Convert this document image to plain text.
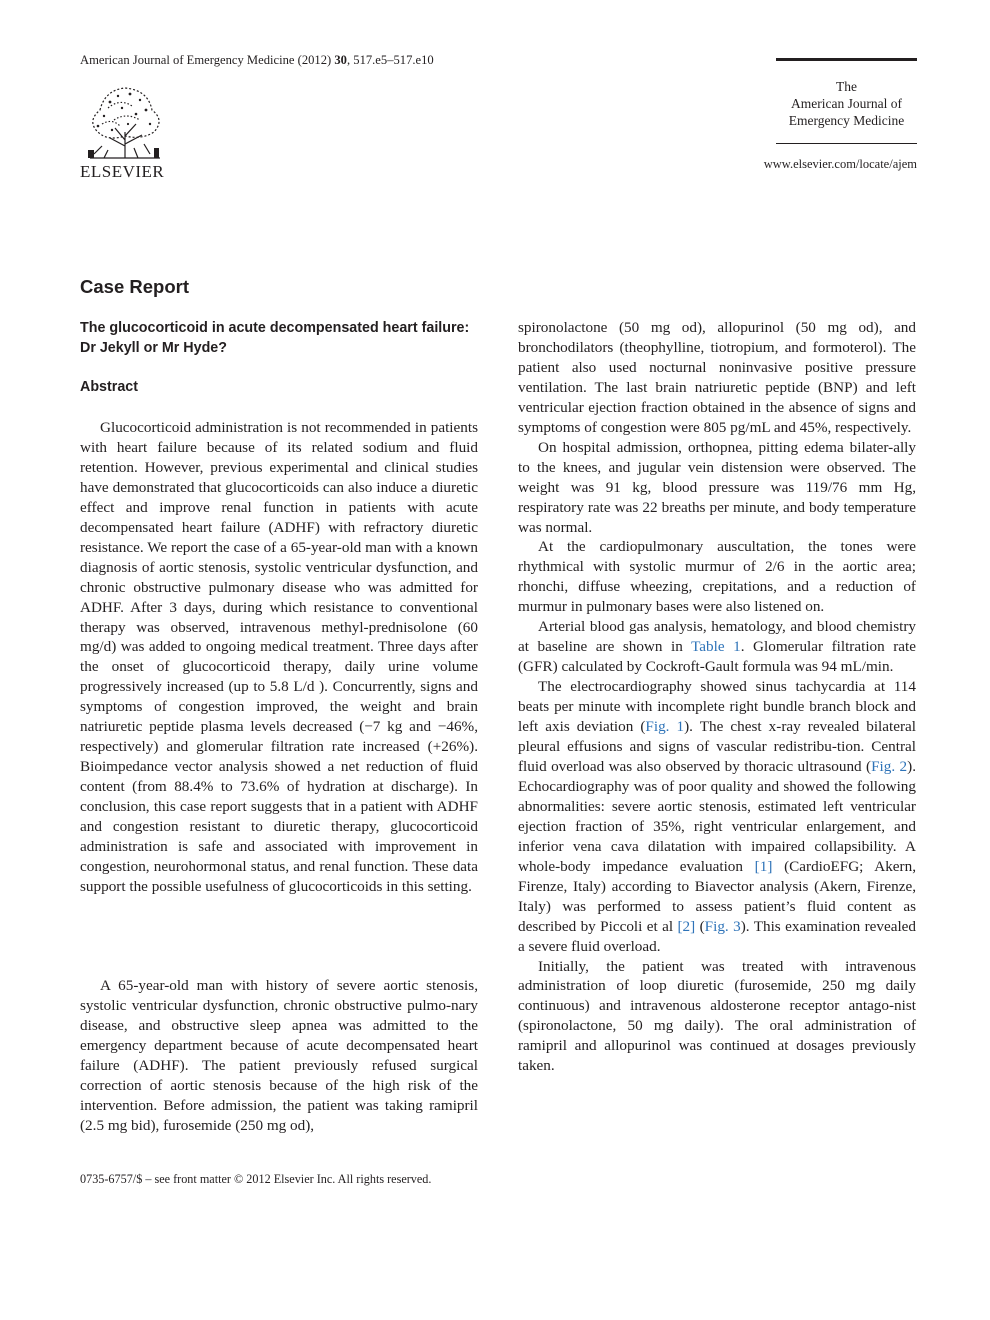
American Journal of Emergency Medicine (2012) 30, 517.e5–517.e10
ELSEVIER
The
American Journal of
Emergency Medicine
www.elsevier.com/locate/ajem
Case Report
The glucocorticoid in acute decompensated heart failure:
Dr Jekyll or Mr Hyde?
Abstract

Glucocorticoid administration is not recommended in patients with heart failure because of its related sodium and fluid retention. However, previous experimental and clinical studies have demonstrated that glucocorticoids can also induce a diuretic effect and improve renal function in patients with acute decompensated heart failure (ADHF) with refractory diuretic resistance. We report the case of a 65-year-old man with a known diagnosis of aortic stenosis, systolic ventricular dysfunction, and chronic obstructive pulmonary disease who was admitted for ADHF. After 3 days, during which resistance to conventional therapy was observed, intravenous methyl-prednisolone (60 mg/d) was added to ongoing medical treatment. Three days after the onset of glucocorticoid therapy, daily urine volume progressively increased (up to 5.8 L/d ). Concurrently, signs and symptoms of congestion improved, the weight and brain natriuretic peptide plasma levels decreased (−7 kg and −46%, respectively) and glomerular filtration rate increased (+26%). Bioimpedance vector analysis showed a net reduction of fluid content (from 88.4% to 73.6% of hydration at discharge). In conclusion, this case report suggests that in a patient with ADHF and congestion resistant to diuretic therapy, glucocorticoid administration is safe and associated with improvement in congestion, neurohormonal status, and renal function. These data support the possible usefulness of glucocorticoids in this setting.

A 65-year-old man with history of severe aortic stenosis, systolic ventricular dysfunction, chronic obstructive pulmo-nary disease, and obstructive sleep apnea was admitted to the emergency department because of acute decompensated heart failure (ADHF). The patient previously refused surgical correction of aortic stenosis because of the high risk of the intervention. Before admission, the patient was taking ramipril (2.5 mg bid), furosemide (250 mg od),

spironolactone (50 mg od), allopurinol (50 mg od), and bronchodilators (theophylline, tiotropium, and formoterol). The patient also used nocturnal noninvasive positive pressure ventilation. The last brain natriuretic peptide (BNP) and left ventricular ejection fraction obtained in the absence of signs and symptoms of congestion were 805 pg/mL and 45%, respectively.

On hospital admission, orthopnea, pitting edema bilater-ally to the knees, and jugular vein distension were observed. The weight was 91 kg, blood pressure was 119/76 mm Hg, respiratory rate was 22 breaths per minute, and body temperature was normal.

At the cardiopulmonary auscultation, the tones were rhythmical with systolic murmur of 2/6 in the aortic area; rhonchi, diffuse wheezing, crepitations, and a reduction of murmur in pulmonary bases were also listened on.

Arterial blood gas analysis, hematology, and blood chemistry at baseline are shown in Table 1. Glomerular filtration rate (GFR) calculated by Cockroft-Gault formula was 94 mL/min.

The electrocardiography showed sinus tachycardia at 114 beats per minute with incomplete right bundle branch block and left axis deviation (Fig. 1). The chest x-ray revealed bilateral pleural effusions and signs of vascular redistribu-tion. Central fluid overload was also observed by thoracic ultrasound (Fig. 2). Echocardiography was of poor quality and showed the following abnormalities: severe aortic stenosis, estimated left ventricular ejection fraction of 35%, right ventricular enlargement, and inferior vena cava dilatation with impaired collapsibility. A whole-body impedance evaluation [1] (CardioEFG; Akern, Firenze, Italy) according to Biavector analysis (Akern, Firenze, Italy) was performed to assess patient’s fluid content as described by Piccoli et al [2] (Fig. 3). This examination revealed a severe fluid overload.

Initially, the patient was treated with intravenous administration of loop diuretic (furosemide, 250 mg daily continuous) and intravenous aldosterone receptor antago-nist (spironolactone, 50 mg daily). The oral administration of ramipril and allopurinol was continued at dosages previously taken.

0735-6757/$ – see front matter © 2012 Elsevier Inc. All rights reserved.
